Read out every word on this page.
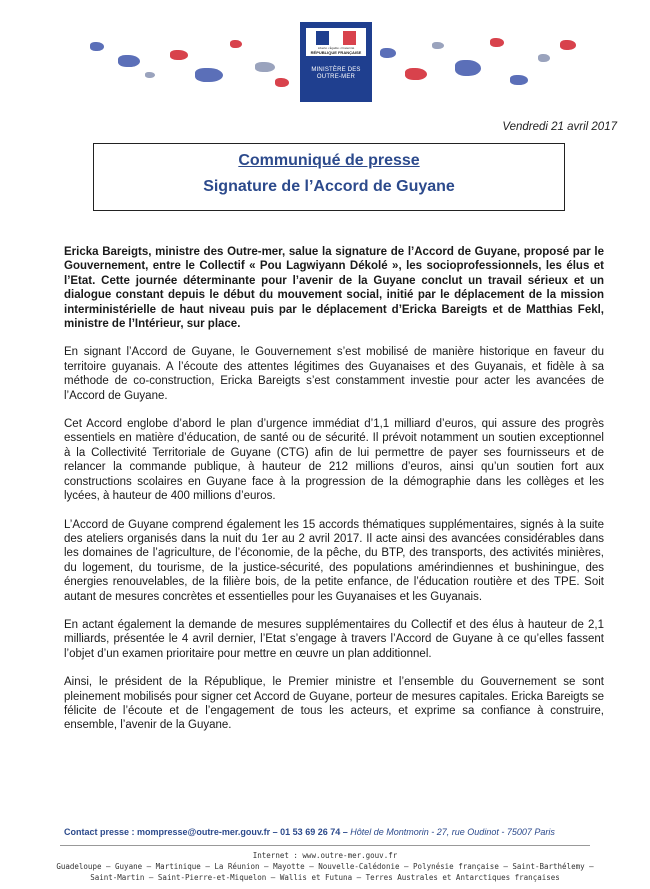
Liberté • Égalité • Fraternité
RÉPUBLIQUE FRANÇAISE
MINISTÈRE DES OUTRE-MER
Vendredi 21 avril 2017
Communiqué de presse
Signature de l’Accord de Guyane

Ericka Bareigts, ministre des Outre-mer, salue la signature de l’Accord de Guyane, proposé par le Gouvernement, entre le Collectif « Pou Lagwiyann Dékolé », les socioprofessionnels, les élus et l’Etat. Cette journée déterminante pour l’avenir de la Guyane conclut un travail sérieux et un dialogue constant depuis le début du mouvement social, initié par le déplacement de la mission interministérielle de haut niveau puis par le déplacement d’Ericka Bareigts et de Matthias Fekl, ministre de l’Intérieur, sur place.

En signant l’Accord de Guyane, le Gouvernement s’est mobilisé de manière historique en faveur du territoire guyanais. A l’écoute des attentes légitimes des Guyanaises et des Guyanais, et fidèle à sa méthode de co-construction, Ericka Bareigts s’est constamment investie pour acter les avancées de l’Accord de Guyane.

Cet Accord englobe d’abord le plan d’urgence immédiat d’1,1 milliard d’euros, qui assure des progrès essentiels en matière d’éducation, de santé ou de sécurité. Il prévoit notamment un soutien exceptionnel à la Collectivité Territoriale de Guyane (CTG) afin de lui permettre de payer ses fournisseurs et de relancer la commande publique, à hauteur de 212 millions d’euros, ainsi qu’un soutien fort aux constructions scolaires en Guyane face à la progression de la démographie dans les collèges et les lycées, à hauteur de 400 millions d’euros.

L’Accord de Guyane comprend également les 15 accords thématiques supplémentaires, signés à la suite des ateliers organisés dans la nuit du 1er au 2 avril 2017. Il acte ainsi des avancées considérables dans les domaines de l’agriculture, de l’économie, de la pêche, du BTP, des transports, des activités minières, du logement, du tourisme, de la justice-sécurité, des populations amérindiennes et bushiningue, des énergies renouvelables, de la filière bois, de la petite enfance, de l’éducation routière et des TPE. Soit autant de mesures concrètes et essentielles pour les Guyanaises et les Guyanais.

En actant également la demande de mesures supplémentaires du Collectif et des élus à hauteur de 2,1 milliards, présentée le 4 avril dernier, l’Etat s’engage à travers l’Accord de Guyane à ce qu’elles fassent l’objet d’un examen prioritaire pour mettre en œuvre un plan additionnel.

Ainsi, le président de la République, le Premier ministre et l’ensemble du Gouvernement se sont pleinement mobilisés pour signer cet Accord de Guyane, porteur de mesures capitales. Ericka Bareigts se félicite de l’écoute et de l’engagement de tous les acteurs, et exprime sa confiance à construire, ensemble, l’avenir de la Guyane.

Contact presse : mompresse@outre-mer.gouv.fr – 01 53 69 26 74 – Hôtel de Montmorin - 27, rue Oudinot - 75007 Paris
Internet : www.outre-mer.gouv.fr
Guadeloupe – Guyane – Martinique – La Réunion – Mayotte – Nouvelle-Calédonie – Polynésie française – Saint-Barthélemy –
Saint-Martin – Saint-Pierre-et-Miquelon – Wallis et Futuna – Terres Australes et Antarctiques françaises
